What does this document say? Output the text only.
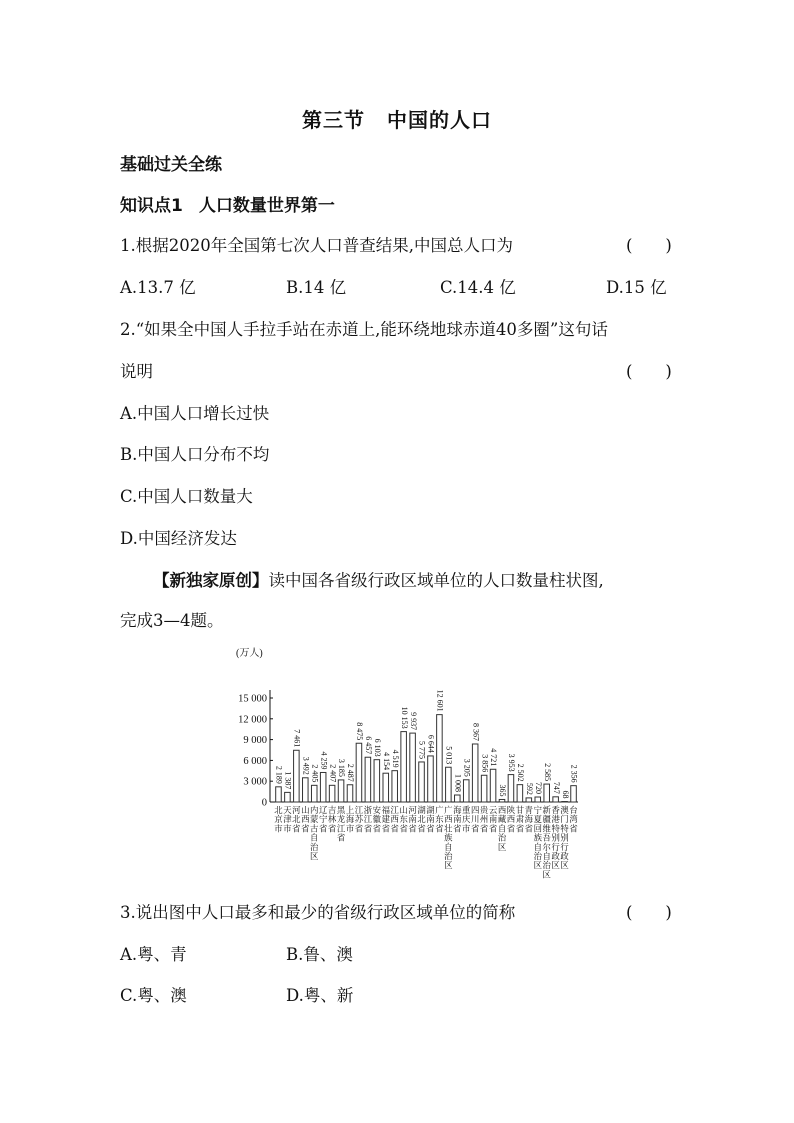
第三节 中国的人口
基础过关全练
知识点1 人口数量世界第一
1.根据2020年全国第七次人口普查结果,中国总人口为	(　　)
A.13.7 亿	B.14 亿	C.14.4 亿	D.15 亿
2.“如果全中国人手拉手站在赤道上,能环绕地球赤道40多圈”这句话
说明	(　　)
A.中国人口增长过快
B.中国人口分布不均
C.中国人口数量大
D.中国经济发达
【新独家原创】读中国各省级行政区域单位的人口数量柱状图,
完成3—4题。
(万人)
0
3 000
6 000
9 000
12 000
15 000
2 189
北
京
市
1 387
天
津
市
7 461
河
北
省
3 492
山
西
省
2 405
内
蒙
古
自
治
区
4 259
辽
宁
省
2 407
吉
林
省
3 185
黑
龙
江
省
2 487
上
海
市
8 475
江
苏
省
6 457
浙
江
省
6 103
安
徽
省
4 154
福
建
省
4 519
江
西
省
10 153
山
东
省
9 937
河
南
省
5 775
湖
北
省
6 644
湖
南
省
12 601
广
东
省
5 013
广
西
壮
族
自
治
区
1 008
海
南
省
3 205
重
庆
市
8 367
四
川
省
3 856
贵
州
省
4 721
云
南
省
365
西
藏
自
治
区
3 953
陕
西
省
2 502
甘
肃
省
592
青
海
省
720
宁
夏
回
族
自
治
区
2 585
新
疆
维
吾
尔
自
治
区
747
香
港
特
别
行
政
区
68
澳
门
特
别
行
政
区
2 356
台
湾
省
3.说出图中人口最多和最少的省级行政区域单位的简称	(　　)
A.粤、青	B.鲁、澳
C.粤、澳	D.粤、新
